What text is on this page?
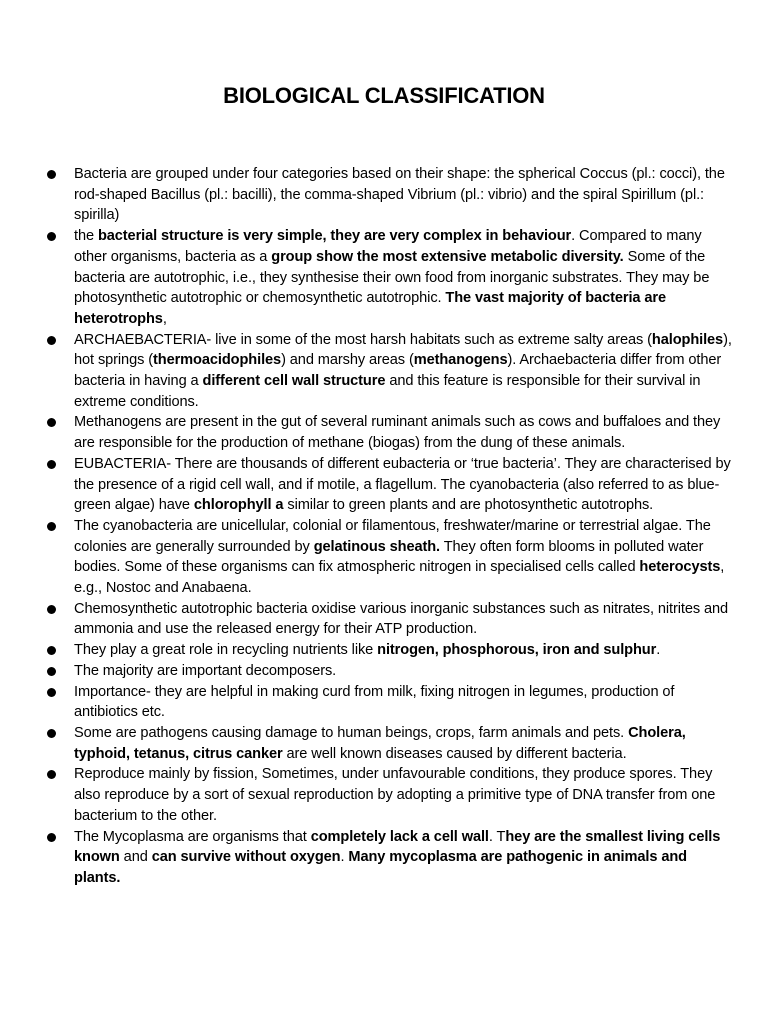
BIOLOGICAL CLASSIFICATION
Bacteria are grouped under four categories based on their shape: the spherical Coccus (pl.: cocci), the rod-shaped Bacillus (pl.: bacilli), the comma-shaped Vibrium (pl.: vibrio) and the spiral Spirillum (pl.: spirilla)
the bacterial structure is very simple, they are very complex in behaviour. Compared to many other organisms, bacteria as a group show the most extensive metabolic diversity. Some of the bacteria are autotrophic, i.e., they synthesise their own food from inorganic substrates. They may be photosynthetic autotrophic or chemosynthetic autotrophic. The vast majority of bacteria are heterotrophs,
ARCHAEBACTERIA- live in some of the most harsh habitats such as extreme salty areas (halophiles), hot springs (thermoacidophiles) and marshy areas (methanogens). Archaebacteria differ from other bacteria in having a different cell wall structure and this feature is responsible for their survival in extreme conditions.
Methanogens are present in the gut of several ruminant animals such as cows and buffaloes and they are responsible for the production of methane (biogas) from the dung of these animals.
EUBACTERIA- There are thousands of different eubacteria or ‘true bacteria’. They are characterised by the presence of a rigid cell wall, and if motile, a flagellum. The cyanobacteria (also referred to as blue-green algae) have chlorophyll a similar to green plants and are photosynthetic autotrophs.
The cyanobacteria are unicellular, colonial or filamentous, freshwater/marine or terrestrial algae. The colonies are generally surrounded by gelatinous sheath. They often form blooms in polluted water bodies. Some of these organisms can fix atmospheric nitrogen in specialised cells called heterocysts, e.g., Nostoc and Anabaena.
Chemosynthetic autotrophic bacteria oxidise various inorganic substances such as nitrates, nitrites and ammonia and use the released energy for their ATP production.
They play a great role in recycling nutrients like nitrogen, phosphorous, iron and sulphur.
The majority are important decomposers.
Importance- they are helpful in making curd from milk, fixing nitrogen in legumes, production of antibiotics etc.
Some are pathogens causing damage to human beings, crops, farm animals and pets. Cholera, typhoid, tetanus, citrus canker are well known diseases caused by different bacteria.
Reproduce mainly by fission, Sometimes, under unfavourable conditions, they produce spores. They also reproduce by a sort of sexual reproduction by adopting a primitive type of DNA transfer from one bacterium to the other.
The Mycoplasma are organisms that completely lack a cell wall. They are the smallest living cells known and can survive without oxygen. Many mycoplasma are pathogenic in animals and plants.
